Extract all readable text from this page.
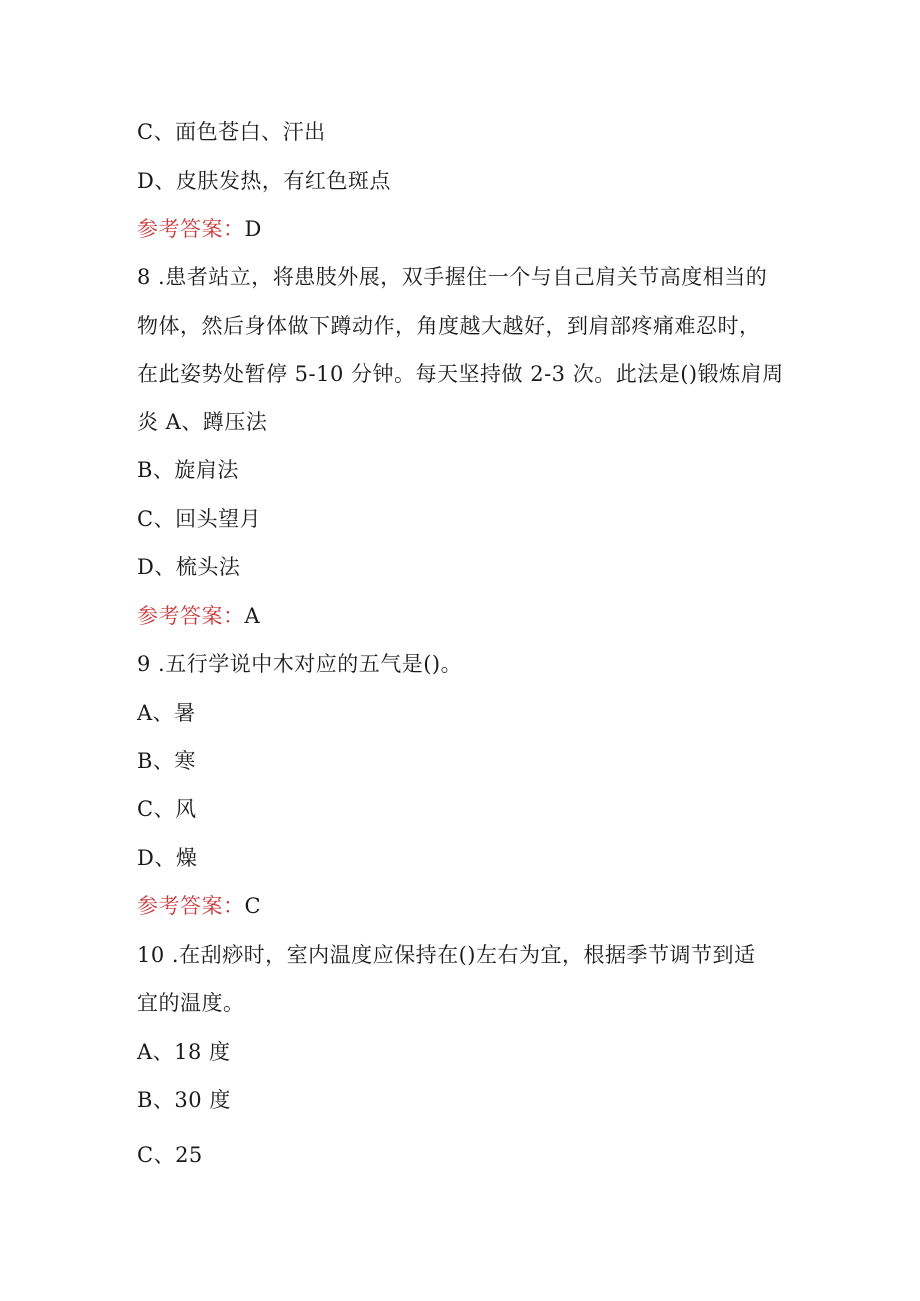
C、面色苍白、汗出
D、皮肤发热，有红色斑点
参考答案：D
8 .患者站立，将患肢外展，双手握住一个与自己肩关节高度相当的
物体，然后身体做下蹲动作，角度越大越好，到肩部疼痛难忍时，
在此姿势处暂停 5-10 分钟。每天坚持做 2-3 次。此法是()锻炼肩周
炎 A、蹲压法
B、旋肩法
C、回头望月
D、梳头法
参考答案：A
9 .五行学说中木对应的五气是()。
A、暑
B、寒
C、风
D、燥
参考答案：C
10 .在刮痧时，室内温度应保持在()左右为宜，根据季节调节到适
宜的温度。
A、18 度
B、30 度
C、25
